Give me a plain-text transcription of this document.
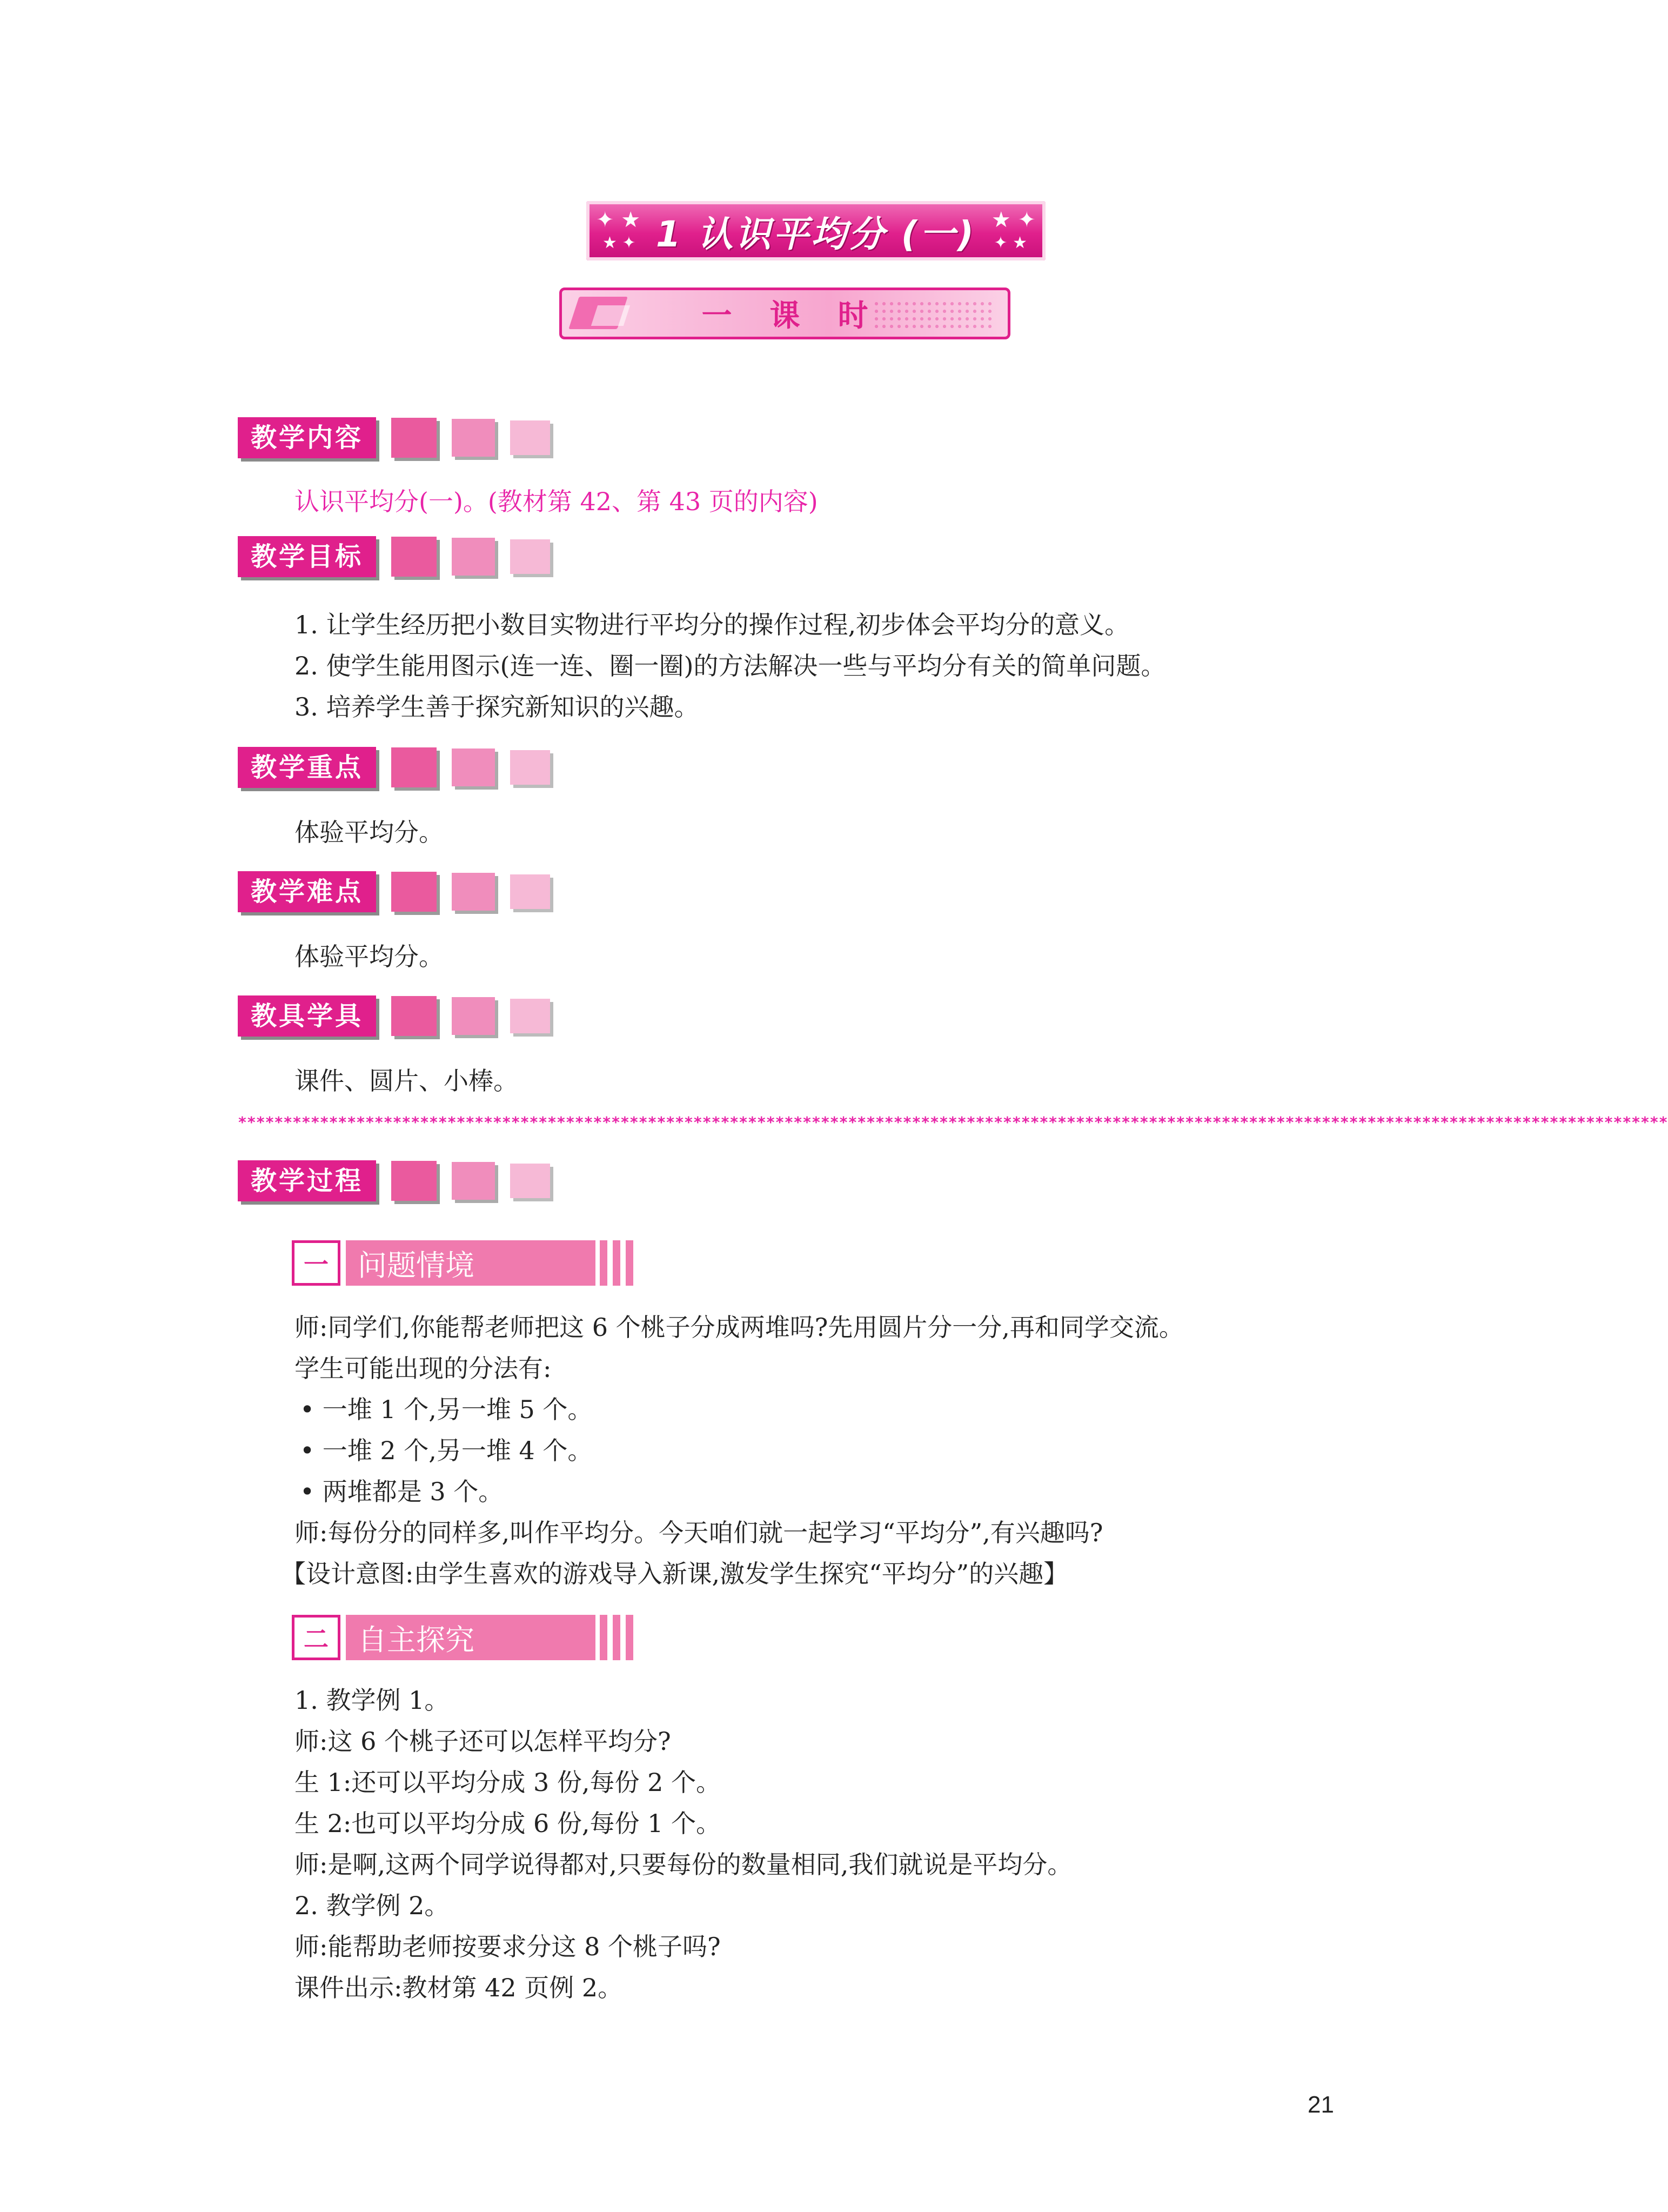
✦ ★
★ ✦
★ ✦
✦ ★
1 认识平均分 (一)
一课时
教学内容
认识平均分(一)。(教材第 42、第 43 页的内容)
教学目标
1. 让学生经历把小数目实物进行平均分的操作过程,初步体会平均分的意义。
2. 使学生能用图示(连一连、圈一圈)的方法解决一些与平均分有关的简单问题。
3. 培养学生善于探究新知识的兴趣。
教学重点
体验平均分。
教学难点
体验平均分。
教具学具
课件、圆片、小棒。
*************************************************************************************************************************************************************
教学过程
一	问题情境
师:同学们,你能帮老师把这 6 个桃子分成两堆吗?先用圆片分一分,再和同学交流。
学生可能出现的分法有:
• 一堆 1 个,另一堆 5 个。
• 一堆 2 个,另一堆 4 个。
• 两堆都是 3 个。
师:每份分的同样多,叫作平均分。今天咱们就一起学习“平均分”,有兴趣吗?
【设计意图:由学生喜欢的游戏导入新课,激发学生探究“平均分”的兴趣】
二	自主探究
1. 教学例 1。
师:这 6 个桃子还可以怎样平均分?
生 1:还可以平均分成 3 份,每份 2 个。
生 2:也可以平均分成 6 份,每份 1 个。
师:是啊,这两个同学说得都对,只要每份的数量相同,我们就说是平均分。
2. 教学例 2。
师:能帮助老师按要求分这 8 个桃子吗?
课件出示:教材第 42 页例 2。
21
